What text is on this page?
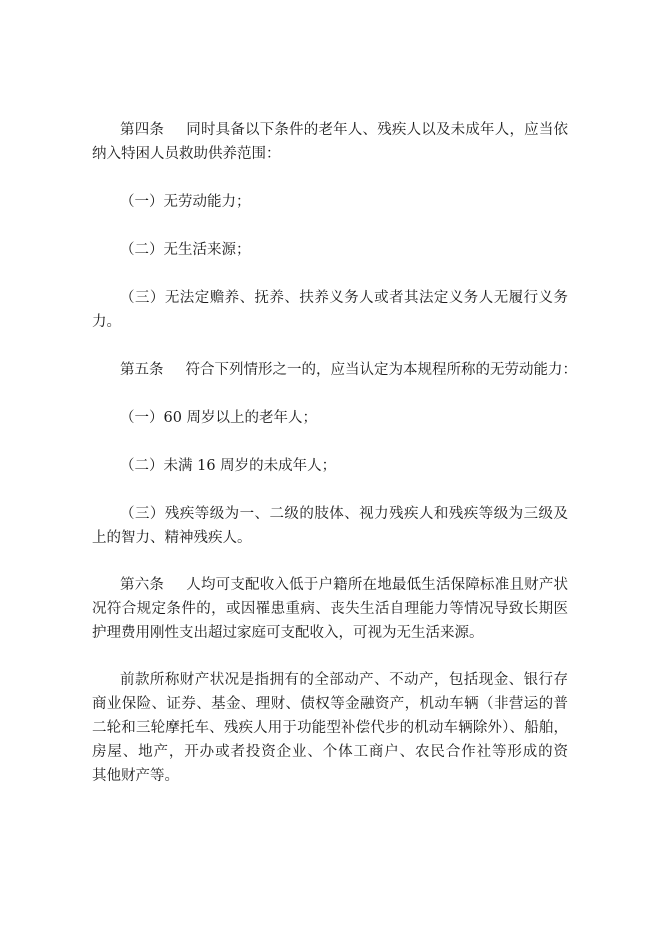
第四条 同时具备以下条件的老年人、残疾人以及未成年人，应当依
纳入特困人员救助供养范围：
（一）无劳动能力；
（二）无生活来源；
（三）无法定赡养、抚养、扶养义务人或者其法定义务人无履行义务
力。
第五条 符合下列情形之一的，应当认定为本规程所称的无劳动能力：
（一）60 周岁以上的老年人；
（二）未满 16 周岁的未成年人；
（三）残疾等级为一、二级的肢体、视力残疾人和残疾等级为三级及
上的智力、精神残疾人。
第六条 人均可支配收入低于户籍所在地最低生活保障标准且财产状
况符合规定条件的，或因罹患重病、丧失生活自理能力等情况导致长期医
护理费用刚性支出超过家庭可支配收入，可视为无生活来源。
前款所称财产状况是指拥有的全部动产、不动产，包括现金、银行存
商业保险、证券、基金、理财、债权等金融资产，机动车辆（非营运的普
二轮和三轮摩托车、残疾人用于功能型补偿代步的机动车辆除外）、船舶，
房屋、地产，开办或者投资企业、个体工商户、农民合作社等形成的资
其他财产等。
